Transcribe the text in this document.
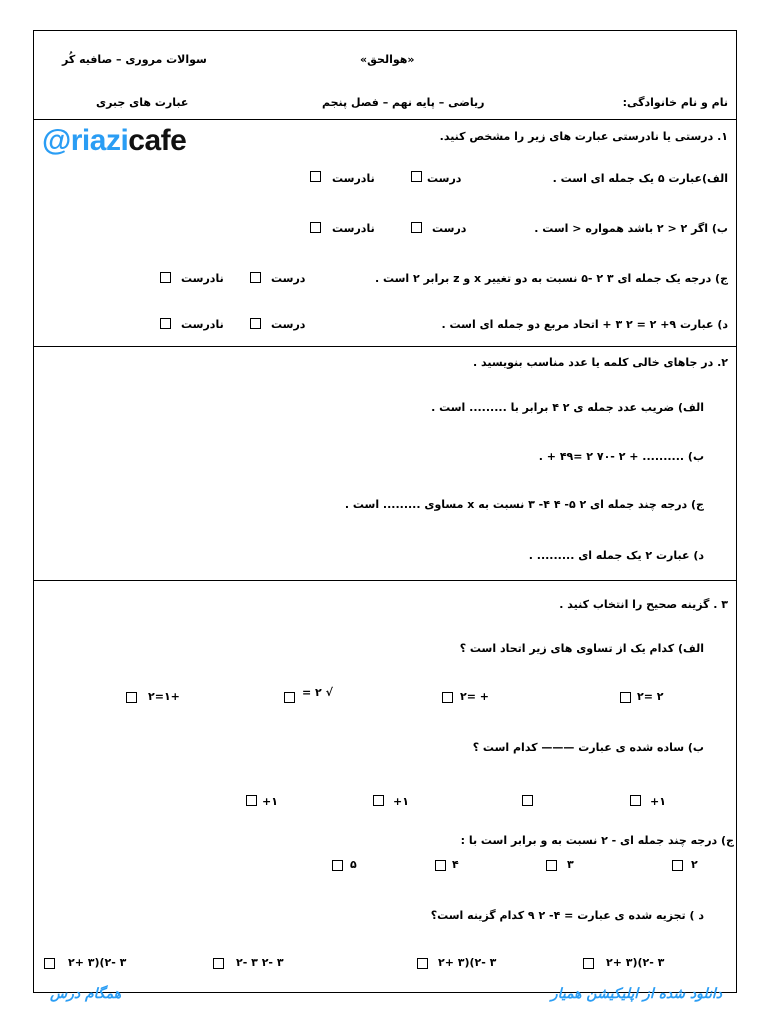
نام و نام خانوادگی:
«هوالحق»
سوالات مروری – صافیه کُر
ریاضی – پایه نهم – فصل پنجم
عبارت های جبری
@riazicafe	۱. درستی یا نادرستی عبارت های زیر را مشخص کنید.
الف)عبارت ۵ یک جمله ای است .
درست
نادرست
ب) اگر ۲ < ۲ باشد همواره < است .
درست
نادرست
ج) درجه یک جمله ای ۳ ۲ -۵ نسبت به دو تغییر x و z برابر ۲ است .
درست
نادرست
د) عبارت ۹+ ۲ = ۲ ۳ + اتحاد مربع دو جمله ای است .
درست
نادرست
۲. در جاهای خالی کلمه یا عدد مناسب بنویسید .
الف) ضریب عدد جمله ی ۲ ۴ برابر با ......... است .
ب) .......... + ۲ -۷۰ ۲ =۴۹ + .
ج) درجه چند جمله ای ۲ ۵- ۴ ۴- ۳ نسبت به x مساوی ......... است .
د) عبارت ۲ یک جمله ای ......... .
۳ . گزینه صحیح را انتخاب کنید .
الف) کدام یک از تساوی های زیر اتحاد است ؟
۲ =۲
+ =۲
√ ۲ =
+۱=۲
ب) ساده شده ی عبارت ——— کدام است ؟
۱+
۱+
۱+
ج) درجه چند جمله ای - ۲ نسبت به و برابر است با :
۲
۳
۴
۵
د ) تجزیه شده ی عبارت = ۴- ۲ ۹ کدام گزینه است؟
۳ -۲)(۳ +۲
۳ -۲)(۳ +۲
۳ -۲ ۳ -۲
۳ -۲)(۳ +۲
دانلود شده از اپلیکیشن همیار
همگام درس
